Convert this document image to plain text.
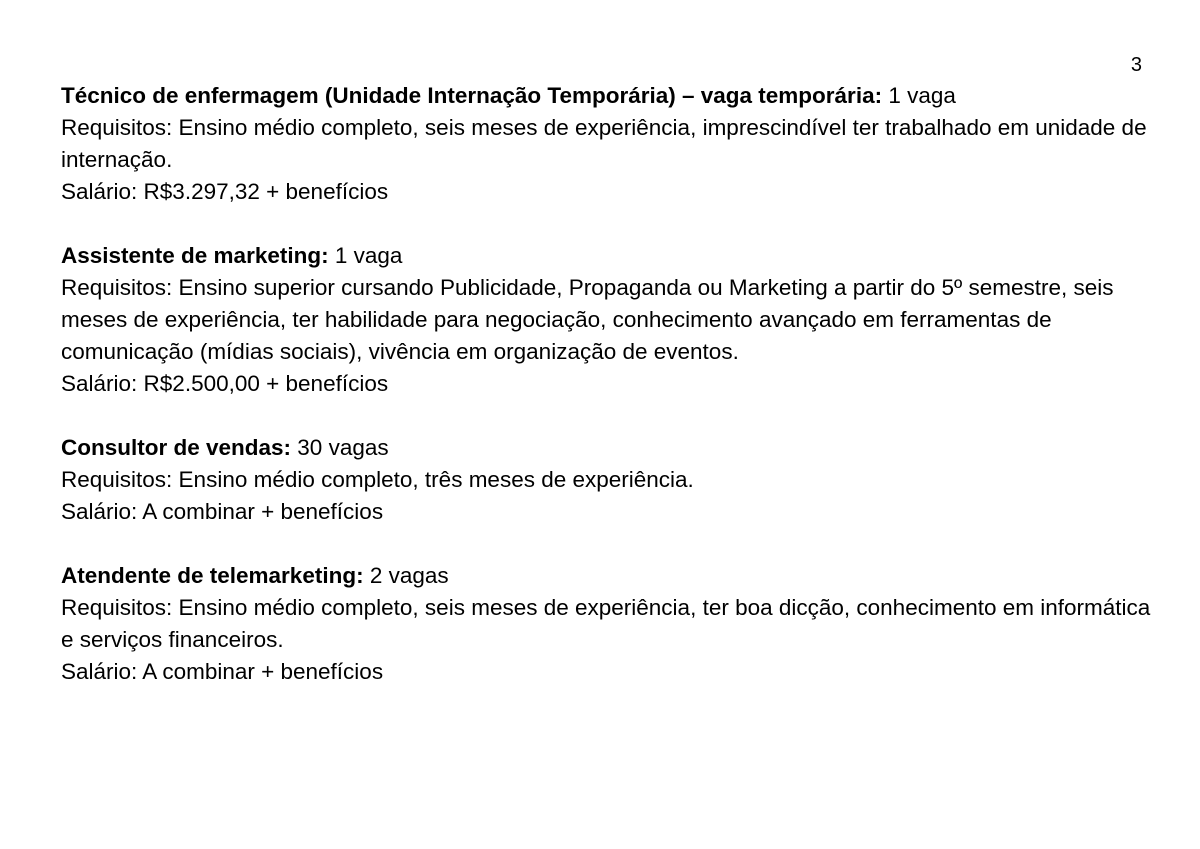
3

Técnico de enfermagem (Unidade Internação Temporária) – vaga temporária: 1 vaga

Requisitos: Ensino médio completo, seis meses de experiência, imprescindível ter trabalhado em unidade de internação.

Salário: R$3.297,32 + benefícios

Assistente de marketing: 1 vaga

Requisitos: Ensino superior cursando Publicidade, Propaganda ou Marketing a partir do 5º semestre, seis meses de experiência, ter habilidade para negociação, conhecimento avançado em ferramentas de comunicação (mídias sociais), vivência em organização de eventos.

Salário: R$2.500,00 + benefícios

Consultor de vendas: 30 vagas

Requisitos: Ensino médio completo, três meses de experiência.

Salário: A combinar + benefícios

Atendente de telemarketing: 2 vagas

Requisitos: Ensino médio completo, seis meses de experiência, ter boa dicção, conhecimento em informática e serviços financeiros.

Salário: A combinar + benefícios
